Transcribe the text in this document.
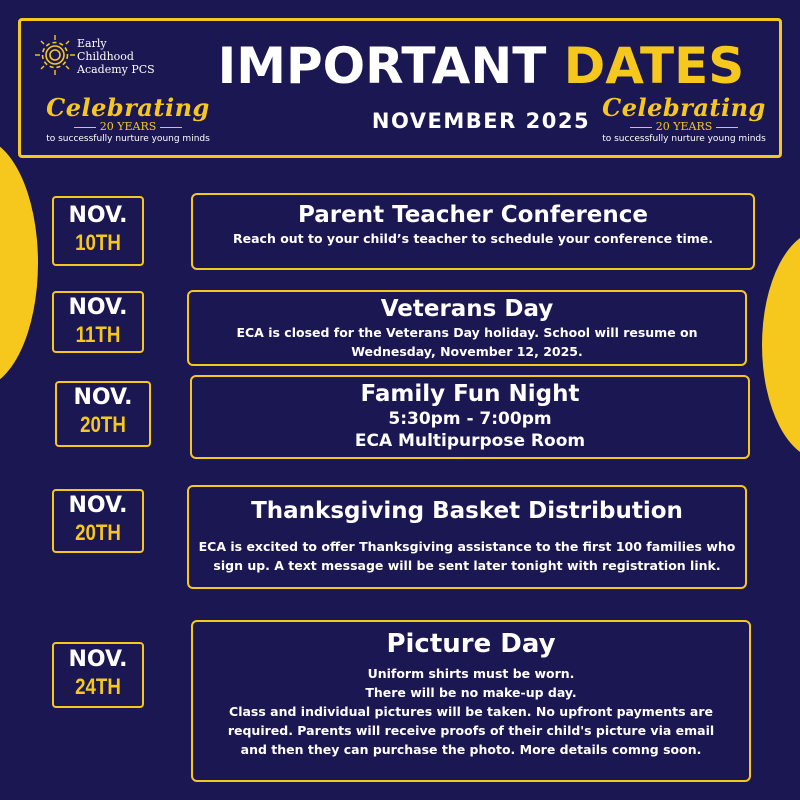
Early
Childhood
Academy PCS	IMPORTANT DATES
NOVEMBER 2025
Celebrating
20 YEARS
to successfully nurture young minds
Celebrating
20 YEARS
to successfully nurture young minds
NOV.
10TH
Parent Teacher Conference
Reach out to your child’s teacher to schedule your conference time.
NOV.
11TH
Veterans Day
ECA is closed for the Veterans Day holiday. School will resume on
Wednesday, November 12, 2025.
NOV.
20TH
Family Fun Night
5:30pm - 7:00pm
ECA Multipurpose Room
NOV.
20TH
Thanksgiving Basket Distribution
ECA is excited to offer Thanksgiving assistance to the first 100 families who
sign up. A text message will be sent later tonight with registration link.
NOV.
24TH
Picture Day
Uniform shirts must be worn.
There will be no make-up day.
Class and individual pictures will be taken. No upfront payments are
required. Parents will receive proofs of their child's picture via email
and then they can purchase the photo. More details comng soon.
